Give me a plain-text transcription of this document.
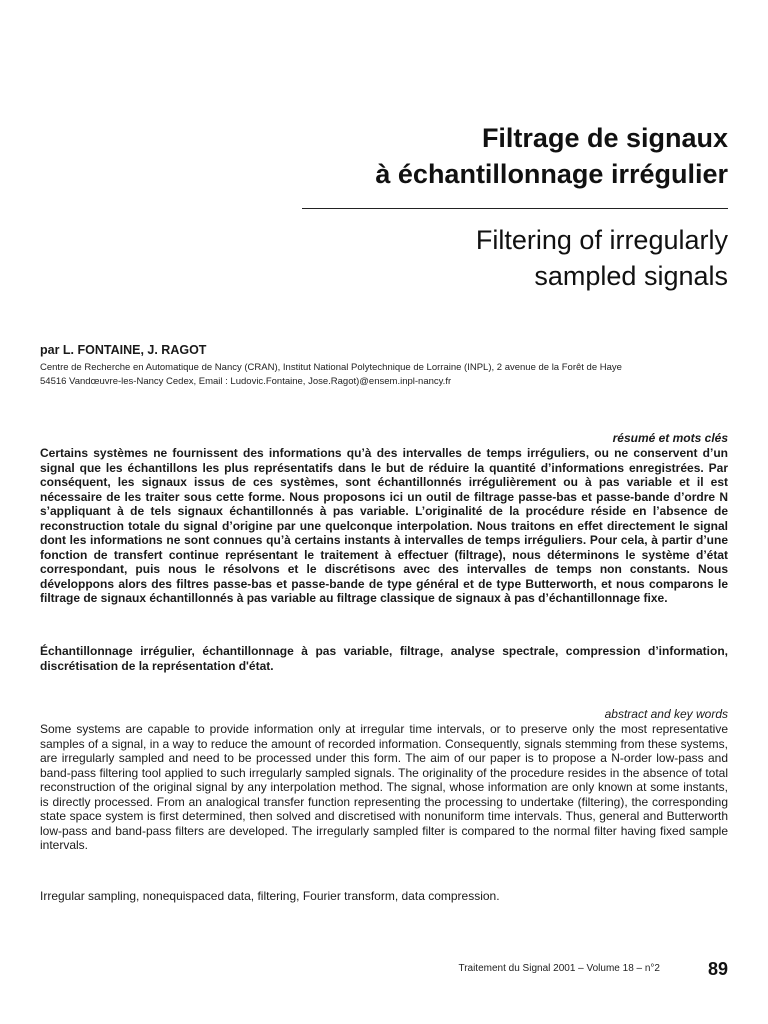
Filtrage de signaux
à échantillonnage irrégulier
Filtering of irregularly
sampled signals
par L. FONTAINE, J. RAGOT
Centre de Recherche en Automatique de Nancy (CRAN), Institut National Polytechnique de Lorraine (INPL), 2 avenue de la Forêt de Haye
54516 Vandœuvre-les-Nancy Cedex, Email : Ludovic.Fontaine, Jose.Ragot)@ensem.inpl-nancy.fr
résumé et mots clés

Certains systèmes ne fournissent des informations qu’à des intervalles de temps irréguliers, ou ne conservent d’un signal que les échantillons les plus représentatifs dans le but de réduire la quantité d’informations enregistrées. Par conséquent, les signaux issus de ces systèmes, sont échantillonnés irrégulièrement ou à pas variable et il est nécessaire de les traiter sous cette forme. Nous proposons ici un outil de filtrage passe-bas et passe-bande d’ordre N s’appliquant à de tels signaux échantillonnés à pas variable. L’originalité de la procédure réside en l’absence de reconstruction totale du signal d’origine par une quelconque interpolation. Nous traitons en effet directement le signal dont les informations ne sont connues qu’à certains instants à intervalles de temps irréguliers. Pour cela, à partir d’une fonction de transfert continue représentant le traitement à effectuer (filtrage), nous déterminons le système d’état correspondant, puis nous le résolvons et le discrétisons avec des intervalles de temps non constants. Nous développons alors des filtres passe-bas et passe-bande de type général et de type Butterworth, et nous comparons le filtrage de signaux échantillonnés à pas variable au filtrage classique de signaux à pas d’échantillonnage fixe.

Échantillonnage irrégulier, échantillonnage à pas variable, filtrage, analyse spectrale, compression d’information, discrétisation de la représentation d'état.

abstract and key words

Some systems are capable to provide information only at irregular time intervals, or to preserve only the most representative samples of a signal, in a way to reduce the amount of recorded information. Consequently, signals stemming from these systems, are irregularly sampled and need to be processed under this form. The aim of our paper is to propose a N-order low-pass and band-pass filtering tool applied to such irregularly sampled signals. The originality of the procedure resides in the absence of total reconstruction of the original signal by any interpolation method. The signal, whose information are only known at some instants, is directly processed. From an analogical transfer function representing the processing to undertake (filtering), the corresponding state space system is first determined, then solved and discretised with nonuniform time intervals. Thus, general and Butterworth low-pass and band-pass filters are developed. The irregularly sampled filter is compared to the normal filter having fixed sample intervals.

Irregular sampling, nonequispaced data, filtering, Fourier transform, data compression.

Traitement du Signal 2001 – Volume 18 – n°2	89
